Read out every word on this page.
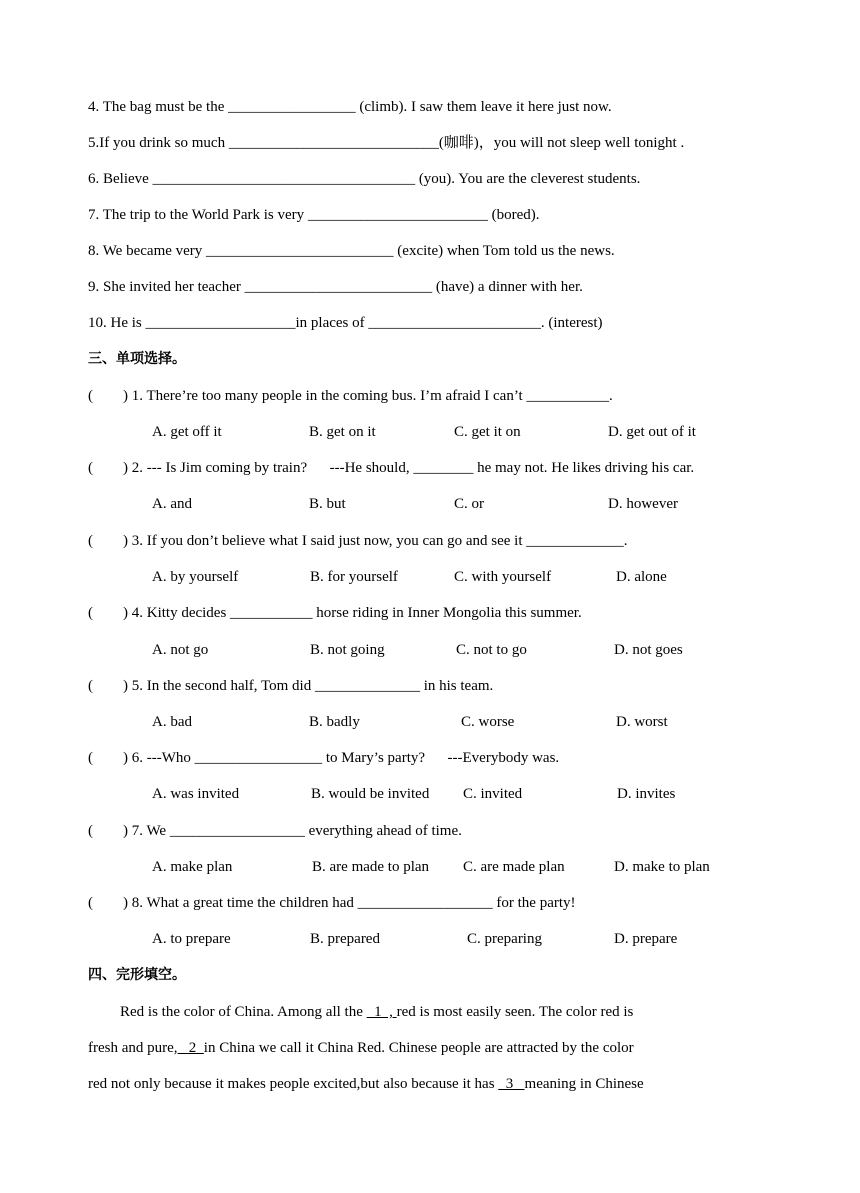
4. The bag must be the _________________ (climb). I saw them leave it here just now.
5.If you drink so much ____________________________(咖啡)，you will not sleep well tonight .
6. Believe ___________________________________ (you). You are the cleverest students.
7. The trip to the World Park is very ________________________ (bored).
8. We became very _________________________ (excite) when Tom told us the news.
9. She invited her teacher _________________________ (have) a dinner with her.
10. He is ____________________in places of _______________________. (interest)
三、单项选择。
(        ) 1. There’re too many people in the coming bus. I’m afraid I can’t ___________.
A. get off it	B. get on it	C. get it on	D. get out of it
(        ) 2. --- Is Jim coming by train?      ---He should, ________ he may not. He likes driving his car.
A. and	B. but	C. or	D. however
(        ) 3. If you don’t believe what I said just now, you can go and see it _____________.
A. by yourself	B. for yourself	C. with yourself	D. alone
(        ) 4. Kitty decides ___________ horse riding in Inner Mongolia this summer.
A. not go	B. not going	C. not to go	D. not goes
(        ) 5. In the second half, Tom did ______________ in his team.
A. bad	B. badly	C. worse	D. worst
(        ) 6. ---Who _________________ to Mary’s party?      ---Everybody was.
A. was invited	B. would be invited C. invited	D. invites
(        ) 7. We __________________ everything ahead of time.
A. make plan	B. are made to plan C. are made plan	D. make to plan
(        ) 8. What a great time the children had __________________ for the party!
A. to prepare	B. prepared	C. preparing	D. prepare
四、完形填空。
Red is the color of China. Among all the   1  , red is most easily seen. The color red is
fresh and pure,   2  in China we call it China Red. Chinese people are attracted by the color
red not only because it makes people excited,but also because it has   3   meaning in Chinese
